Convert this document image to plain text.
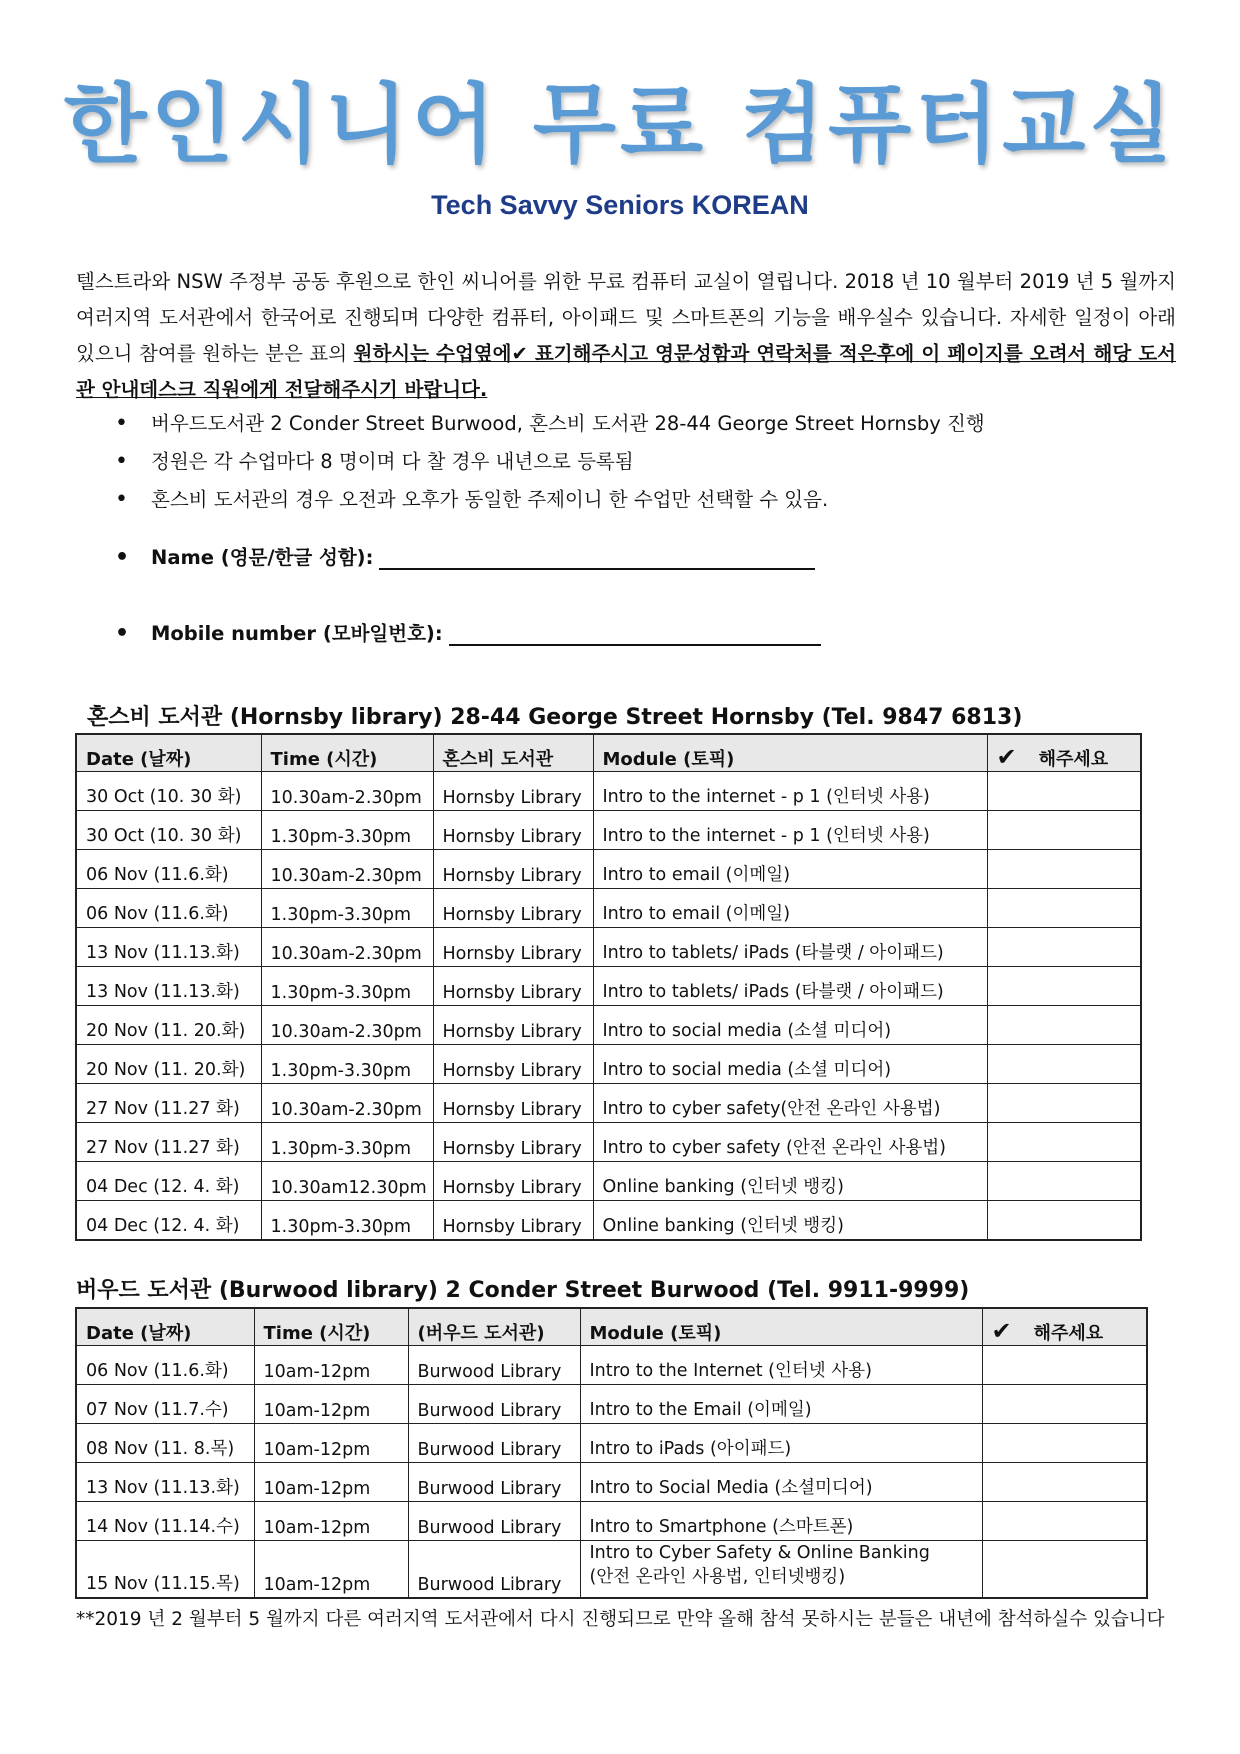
한인시니어 무료 컴퓨터교실
Tech Savvy Seniors KOREAN
텔스트라와 NSW 주정부 공동 후원으로 한인 씨니어를 위한 무료 컴퓨터 교실이 열립니다. 2018 년 10 월부터 2019 년 5 월까지 여러지역 도서관에서 한국어로 진행되며 다양한 컴퓨터, 아이패드 및 스마트폰의 기능을 배우실수 있습니다. 자세한 일정이 아래 있으니 참여를 원하는 분은 표의 원하시는 수업옆에✔ 표기해주시고 영문성함과 연락처를 적은후에 이 페이지를 오려서 해당 도서관 안내데스크 직원에게 전달해주시기 바랍니다.
• 버우드도서관 2 Conder Street Burwood, 혼스비 도서관 28-44 George Street Hornsby 진행
• 정원은 각 수업마다 8 명이며 다 찰 경우 내년으로 등록됨
• 혼스비 도서관의 경우 오전과 오후가 동일한 주제이니 한 수업만 선택할 수 있음.
• Name (영문/한글 성함):
• Mobile number (모바일번호):
혼스비 도서관 (Hornsby library) 28-44 George Street Hornsby (Tel. 9847 6813)
Date (날짜)	Time (시간)	혼스비 도서관	Module (토픽)	✔ 해주세요
30 Oct (10. 30 화)	10.30am-2.30pm	Hornsby Library	Intro to the internet - p 1 (인터넷 사용)	
30 Oct (10. 30 화)	1.30pm-3.30pm	Hornsby Library	Intro to the internet - p 1 (인터넷 사용)	
06 Nov (11.6.화)	10.30am-2.30pm	Hornsby Library	Intro to email (이메일)	
06 Nov (11.6.화)	1.30pm-3.30pm	Hornsby Library	Intro to email (이메일)	
13 Nov (11.13.화)	10.30am-2.30pm	Hornsby Library	Intro to tablets/ iPads (타블랫 / 아이패드)	
13 Nov (11.13.화)	1.30pm-3.30pm	Hornsby Library	Intro to tablets/ iPads (타블랫 / 아이패드)	
20 Nov (11. 20.화)	10.30am-2.30pm	Hornsby Library	Intro to social media (소셜 미디어)	
20 Nov (11. 20.화)	1.30pm-3.30pm	Hornsby Library	Intro to social media (소셜 미디어)	
27 Nov (11.27 화)	10.30am-2.30pm	Hornsby Library	Intro to cyber safety(안전 온라인 사용법)	
27 Nov (11.27 화)	1.30pm-3.30pm	Hornsby Library	Intro to cyber safety (안전 온라인 사용법)	
04 Dec (12. 4. 화)	10.30am12.30pm	Hornsby Library	Online banking (인터넷 뱅킹)	
04 Dec (12. 4. 화)	1.30pm-3.30pm	Hornsby Library	Online banking (인터넷 뱅킹)	
버우드 도서관 (Burwood library) 2 Conder Street Burwood (Tel. 9911-9999)
Date (날짜)	Time (시간)	(버우드 도서관)	Module (토픽)	✔ 해주세요
06 Nov (11.6.화)	10am-12pm	Burwood Library	Intro to the Internet (인터넷 사용)	
07 Nov (11.7.수)	10am-12pm	Burwood Library	Intro to the Email (이메일)	
08 Nov (11. 8.목)	10am-12pm	Burwood Library	Intro to iPads (아이패드)	
13 Nov (11.13.화)	10am-12pm	Burwood Library	Intro to Social Media (소셜미디어)	
14 Nov (11.14.수)	10am-12pm	Burwood Library	Intro to Smartphone (스마트폰)	
15 Nov (11.15.목)	10am-12pm	Burwood Library	Intro to Cyber Safety & Online Banking
(안전 온라인 사용법, 인터넷뱅킹)	
**2019 년 2 월부터 5 월까지 다른 여러지역 도서관에서 다시 진행되므로 만약 올해 참석 못하시는 분들은 내년에 참석하실수 있습니다
